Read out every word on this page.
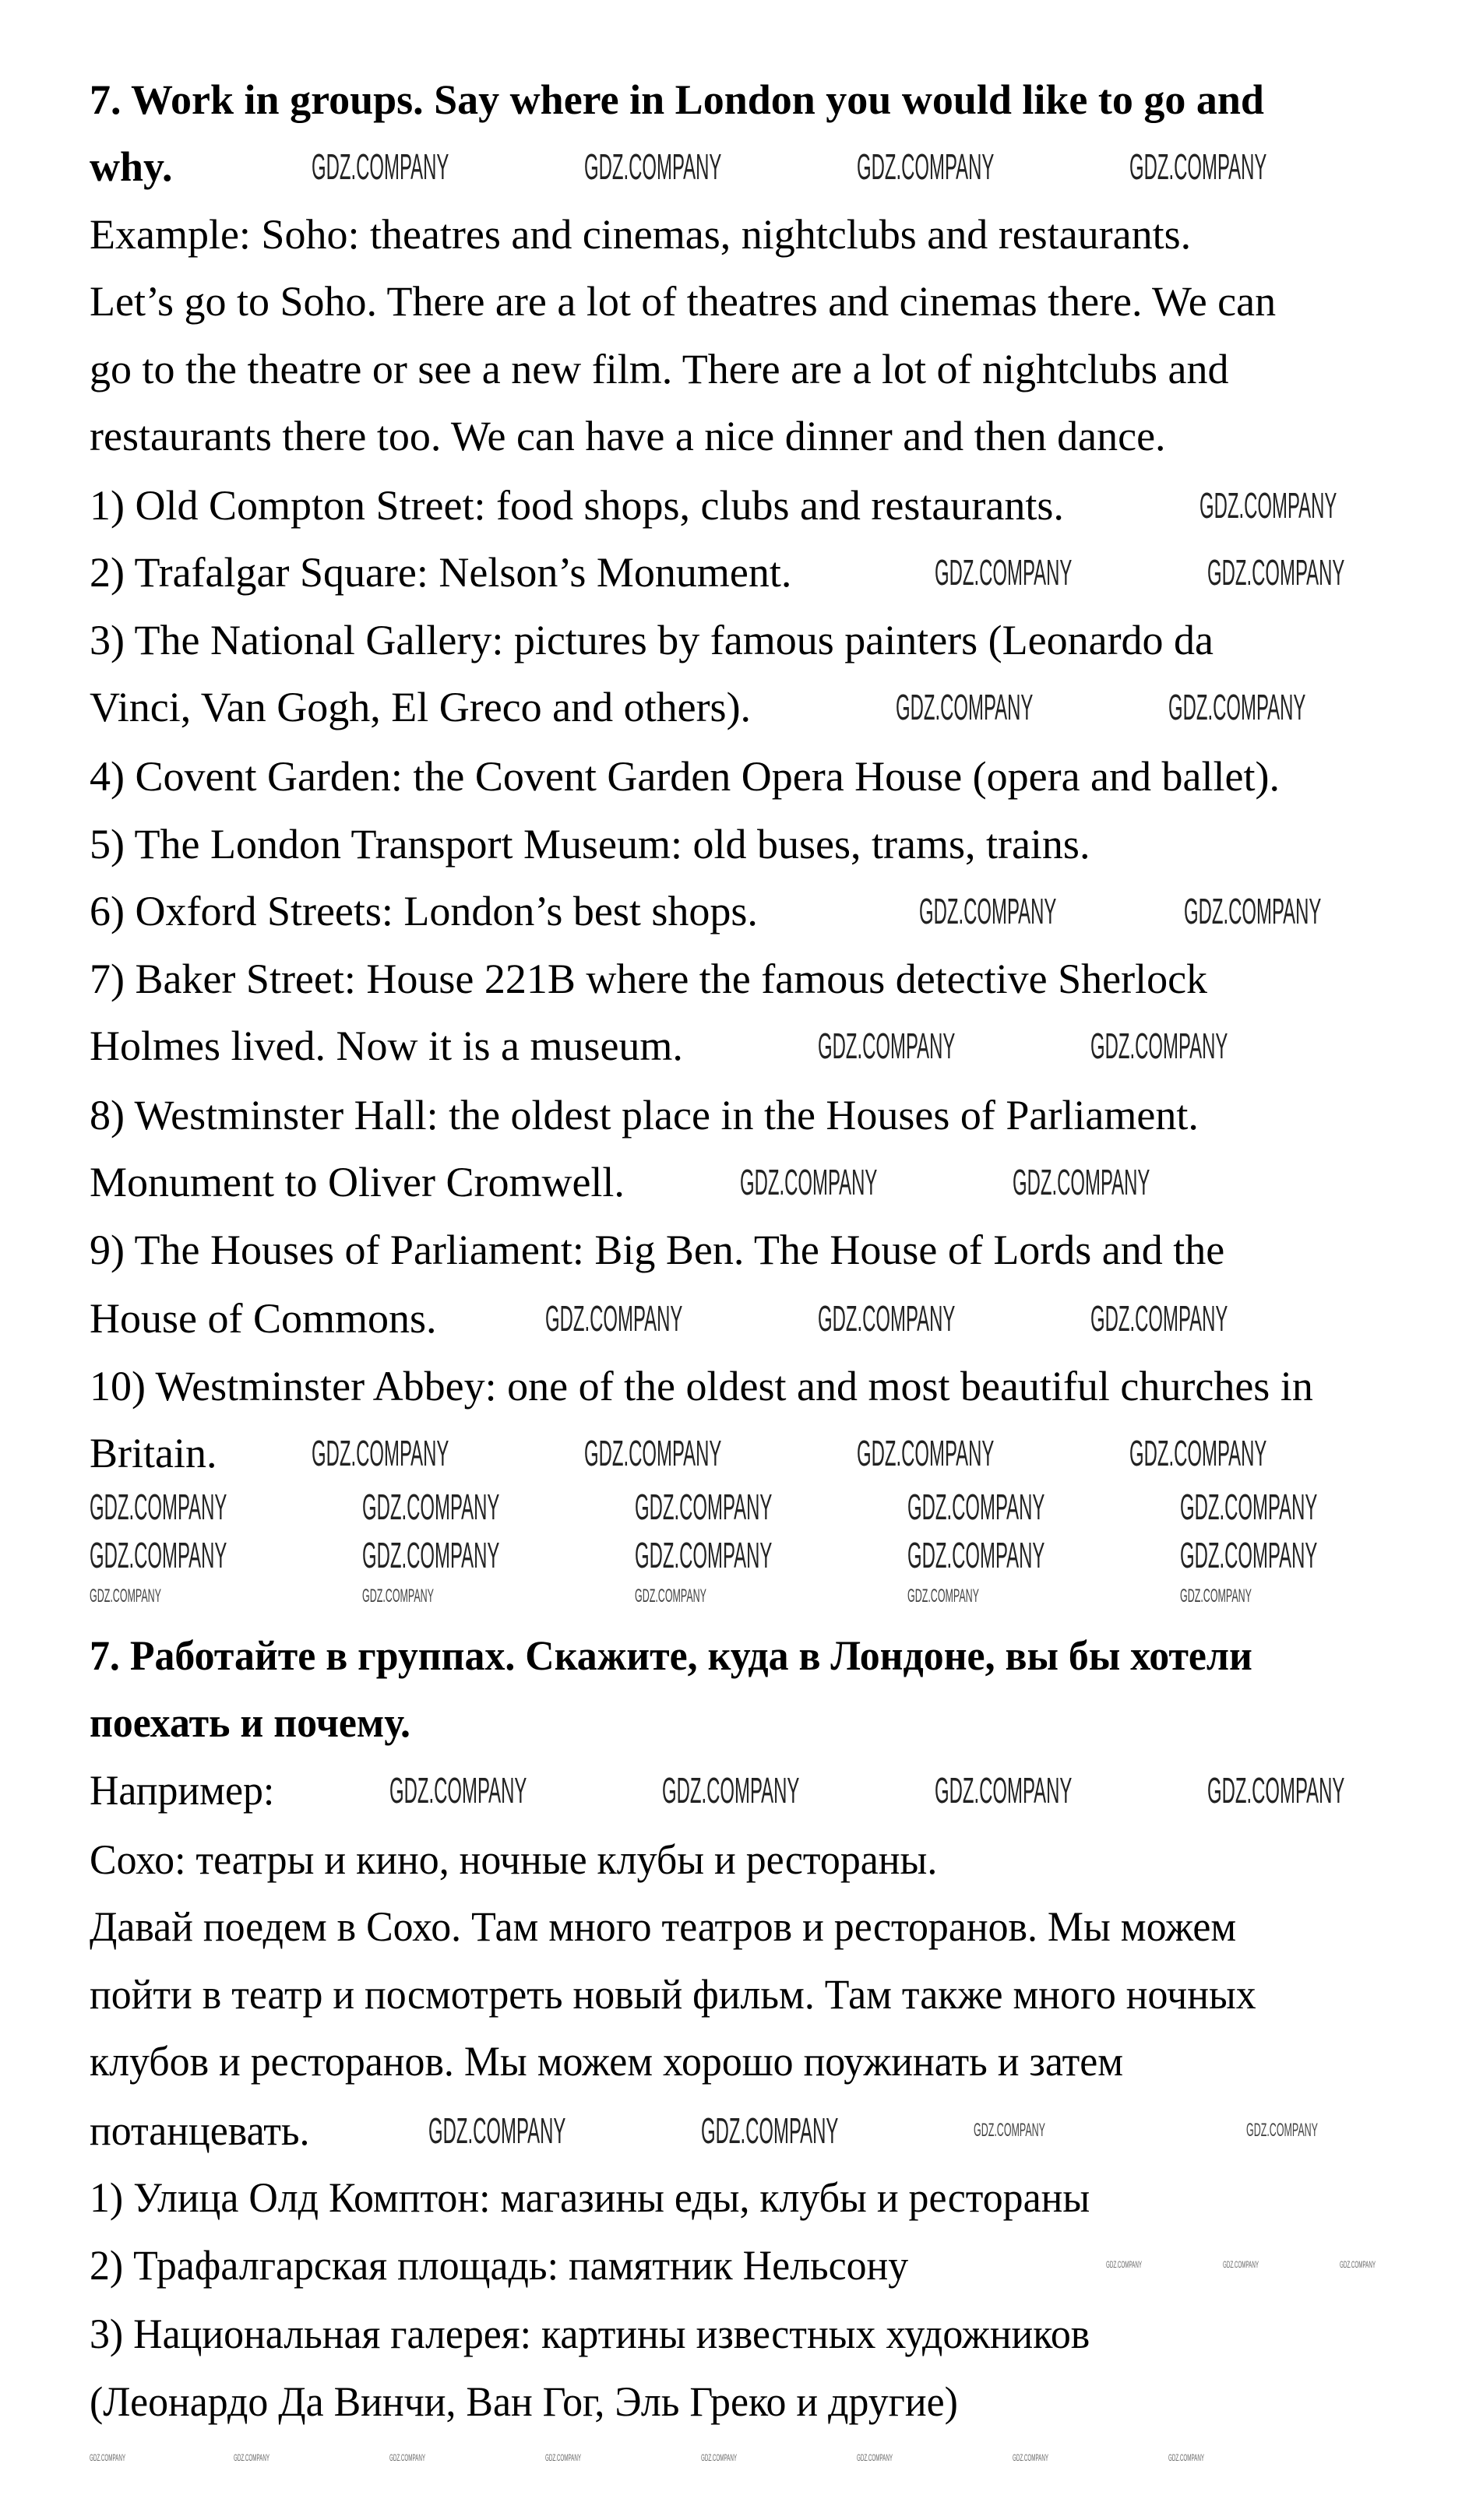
7. Work in groups. Say where in London you would like to go and
why.
Example: Soho: theatres and cinemas, nightclubs and restaurants.
Let’s go to Soho. There are a lot of theatres and cinemas there. We can
go to the theatre or see a new film. There are a lot of nightclubs and
restaurants there too. We can have a nice dinner and then dance.
1) Old Compton Street: food shops, clubs and restaurants.
2) Trafalgar Square: Nelson’s Monument.
3) The National Gallery: pictures by famous painters (Leonardo da
Vinci, Van Gogh, El Greco and others).
4) Covent Garden: the Covent Garden Opera House (opera and ballet).
5) The London Transport Museum: old buses, trams, trains.
6) Oxford Streets: London’s best shops.
7) Baker Street: House 221B where the famous detective Sherlock
Holmes lived. Now it is a museum.
8) Westminster Hall: the oldest place in the Houses of Parliament.
Monument to Oliver Cromwell.
9) The Houses of Parliament: Big Ben. The House of Lords and the
House of Commons.
10) Westminster Abbey: one of the oldest and most beautiful churches in
Britain.
7. Работайте в группах. Скажите, куда в Лондоне, вы бы хотели
поехать и почему.
Например:
Сохо: театры и кино, ночные клубы и рестораны.
Давай поедем в Сохо. Там много театров и ресторанов. Мы можем
пойти в театр и посмотреть новый фильм. Там также много ночных
клубов и ресторанов. Мы можем хорошо поужинать и затем
потанцевать.
1) Улица Олд Комптон: магазины еды, клубы и рестораны
2) Трафалгарская площадь: памятник Нельсону
3) Национальная галерея: картины известных художников
(Леонардо Да Винчи, Ван Гог, Эль Греко и другие)
GDZ.COMPANY	GDZ.COMPANY	GDZ.COMPANY	GDZ.COMPANY
GDZ.COMPANY
GDZ.COMPANY	GDZ.COMPANY
GDZ.COMPANY	GDZ.COMPANY
GDZ.COMPANY	GDZ.COMPANY
GDZ.COMPANY	GDZ.COMPANY
GDZ.COMPANY	GDZ.COMPANY
GDZ.COMPANY	GDZ.COMPANY	GDZ.COMPANY
GDZ.COMPANY	GDZ.COMPANY	GDZ.COMPANY	GDZ.COMPANY
GDZ.COMPANY	GDZ.COMPANY	GDZ.COMPANY	GDZ.COMPANY	GDZ.COMPANY
GDZ.COMPANY	GDZ.COMPANY	GDZ.COMPANY	GDZ.COMPANY	GDZ.COMPANY
GDZ.COMPANY	GDZ.COMPANY	GDZ.COMPANY	GDZ.COMPANY
GDZ.COMPANY	GDZ.COMPANY	GDZ.COMPANY	GDZ.COMPANY
GDZ.COMPANY	GDZ.COMPANY	GDZ.COMPANY	GDZ.COMPANY	GDZ.COMPANY
GDZ.COMPANY	GDZ.COMPANY	GDZ.COMPANY
GDZ.COMPANY	GDZ.COMPANY	GDZ.COMPANY	GDZ.COMPANY	GDZ.COMPANY	GDZ.COMPANY	GDZ.COMPANY	GDZ.COMPANY
